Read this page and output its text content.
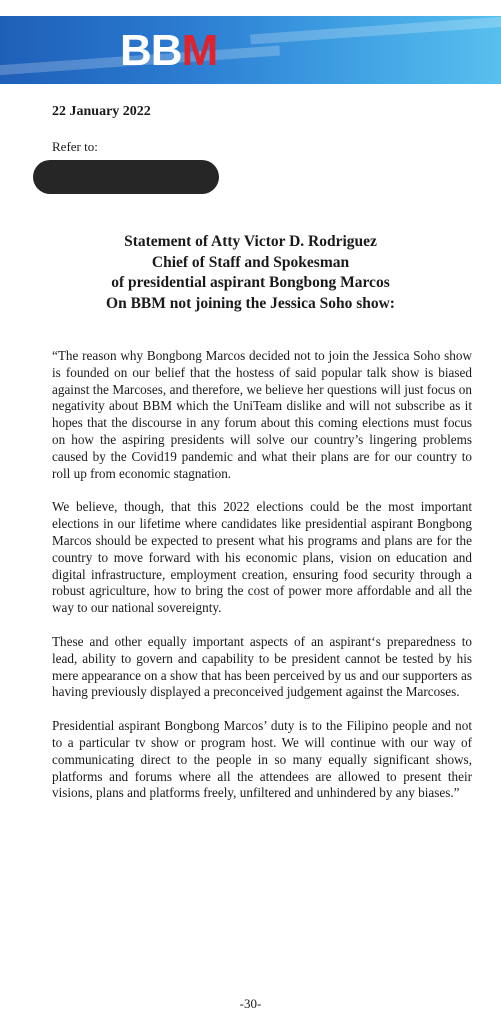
BB M
22 January 2022
Refer to:
Statement of Atty Victor D. Rodriguez
Chief of Staff and Spokesman
of presidential aspirant Bongbong Marcos
On BBM not joining the Jessica Soho show:

“The reason why Bongbong Marcos decided not to join the Jessica Soho show is founded on our belief that the hostess of said popular talk show is biased against the Marcoses, and therefore, we believe her questions will just focus on negativity about BBM which the UniTeam dislike and will not subscribe as it hopes that the discourse in any forum about this coming elections must focus on how the aspiring presidents will solve our country’s lingering problems caused by the Covid19 pandemic and what their plans are for our country to roll up from economic stagnation.

We believe, though, that this 2022 elections could be the most important elections in our lifetime where candidates like presidential aspirant Bongbong Marcos should be expected to present what his programs and plans are for the country to move forward with his economic plans, vision on education and digital infrastructure, employment creation, ensuring food security through a robust agriculture, how to bring the cost of power more affordable and all the way to our national sovereignty.

These and other equally important aspects of an aspirant‘s preparedness to lead, ability to govern and capability to be president cannot be tested by his mere appearance on a show that has been perceived by us and our supporters as having previously displayed a preconceived judgement against the Marcoses.

Presidential aspirant Bongbong Marcos’ duty is to the Filipino people and not to a particular tv show or program host. We will continue with our way of communicating direct to the people in so many equally significant shows, platforms and forums where all the attendees are allowed to present their visions, plans and platforms freely, unfiltered and unhindered by any biases.”

-30-
